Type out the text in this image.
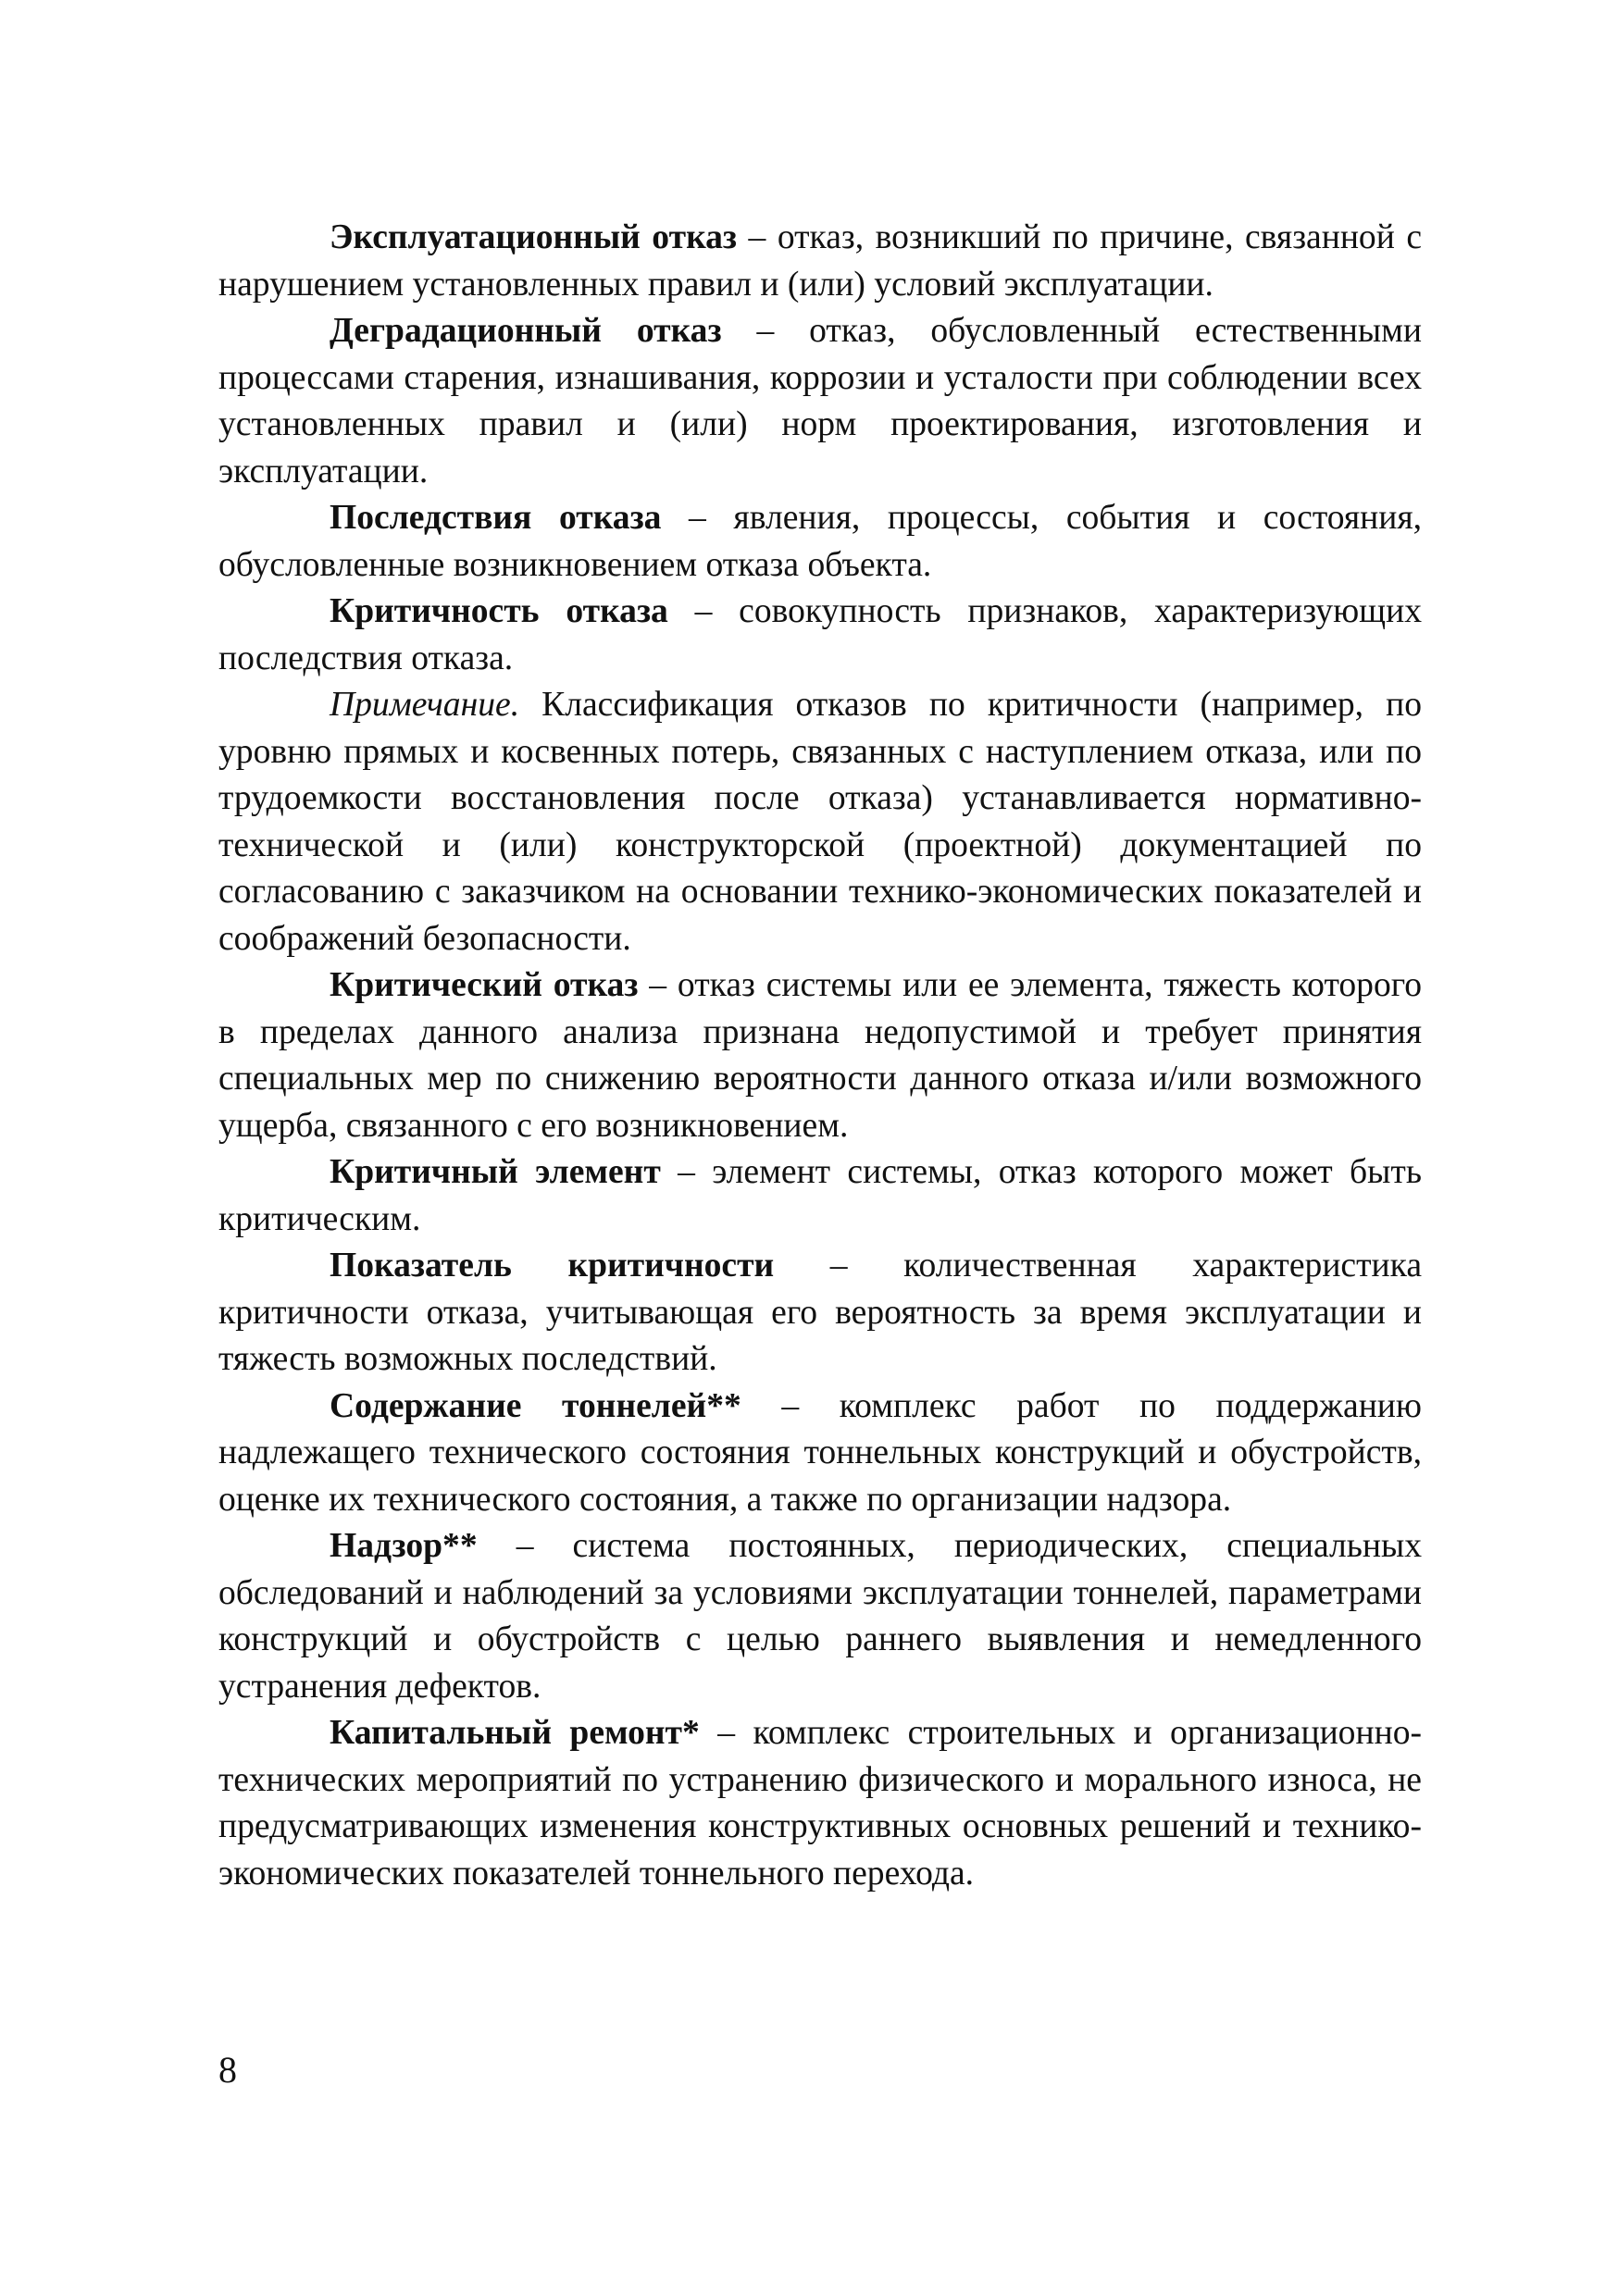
Эксплуатационный отказ – отказ, возникший по причине, связанной с нарушением установленных правил и (или) условий эксплуатации.

Деградационный отказ – отказ, обусловленный естественными процессами старения, изнашивания, коррозии и усталости при соблюдении всех установленных правил и (или) норм проектирования, изготовления и эксплуатации.

Последствия отказа – явления, процессы, события и состояния, обусловленные возникновением отказа объекта.

Критичность отказа – совокупность признаков, характеризующих последствия отказа.

Примечание. Классификация отказов по критичности (например, по уровню прямых и косвенных потерь, связанных с наступлением отказа, или по трудоемкости восстановления после отказа) устанавливается нормативно-технической и (или) конструкторской (проектной) документацией по согласованию с заказчиком на основании технико-экономических показателей и соображений безопасности.

Критический отказ – отказ системы или ее элемента, тяжесть которого в пределах данного анализа признана недопустимой и требует принятия специальных мер по снижению вероятности данного отказа и/или возможного ущерба, связанного с его возникновением.

Критичный элемент – элемент системы, отказ которого может быть критическим.

Показатель критичности – количественная характеристика критичности отказа, учитывающая его вероятность за время эксплуатации и тяжесть возможных последствий.

Содержание тоннелей** – комплекс работ по поддержанию надлежащего технического состояния тоннельных конструкций и обустройств, оценке их технического состояния, а также по организации надзора.

Надзор** – система постоянных, периодических, специальных обследований и наблюдений за условиями эксплуатации тоннелей, параметрами конструкций и обустройств с целью раннего выявления и немедленного устранения дефектов.

Капитальный ремонт* – комплекс строительных и организационно-технических мероприятий по устранению физического и морального износа, не предусматривающих изменения конструктивных основных решений и технико-экономических показателей тоннельного перехода.

8
